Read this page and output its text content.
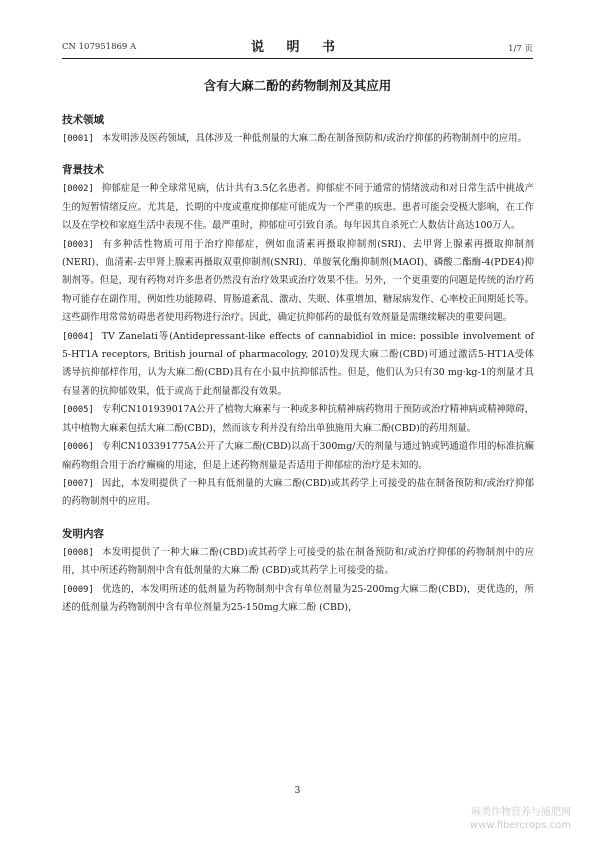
CN 107951869 A	说 明 书	1/7 页
含有大麻二酚的药物制剂及其应用
技术领域

[0001] 本发明涉及医药领域，具体涉及一种低剂量的大麻二酚在制备预防和/或治疗抑郁的药物制剂中的应用。

背景技术

[0002] 抑郁症是一种全球常见病，估计共有3.5亿名患者。抑郁症不同于通常的情绪波动和对日常生活中挑战产生的短暂情绪反应。尤其是，长期的中度或重度抑郁症可能成为一个严重的疾患。患者可能会受极大影响，在工作以及在学校和家庭生活中表现不佳。最严重时，抑郁症可引致自杀。每年因其自杀死亡人数估计高达100万人。

[0003] 有多种活性物质可用于治疗抑郁症，例如血清素再摄取抑制剂(SRI)、去甲肾上腺素再摄取抑制剂(NERI)、血清素-去甲肾上腺素再摄取双重抑制剂(SNRI)、单胺氧化酶抑制剂(MAOI)、磷酸二酯酶-4(PDE4)抑制剂等。但是，现有药物对许多患者仍然没有治疗效果或治疗效果不佳。另外，一个更重要的问题是传统的治疗药物可能存在副作用，例如性功能障碍、胃肠道紊乱、激动、失眠、体重增加、糖尿病发作、心率校正间期延长等。这些副作用常常妨碍患者使用药物进行治疗。因此，确定抗抑郁药的最低有效剂量是需继续解决的重要问题。

[0004] TV Zanelati等(Antidepressant-like effects of cannabidiol in mice: possible involvement of 5-HT1A receptors, British journal of pharmacology, 2010)发现大麻二酚(CBD)可通过激活5-HT1A受体 诱导抗抑郁样作用，认为大麻二酚(CBD)具有在小鼠中抗抑郁活性。但是，他们认为只有30 mg·kg-1的剂量才具有显著的抗抑郁效果，低于或高于此剂量都没有效果。

[0005] 专利CN101939017A公开了植物大麻素与一种或多种抗精神病药物用于预防或治疗精神病或精神障碍，其中植物大麻素包括大麻二酚(CBD)，然而该专利并没有给出单独施用大麻二酚(CBD)的药用剂量。

[0006] 专利CN103391775A公开了大麻二酚(CBD)以高于300mg/天的剂量与通过钠或钙通道作用的标准抗癫痫药物组合用于治疗癫痫的用途，但是上述药物剂量是否适用于抑郁症的治疗是未知的。

[0007] 因此，本发明提供了一种具有低剂量的大麻二酚(CBD)或其药学上可接受的盐在制备预防和/或治疗抑郁的药物制剂中的应用。

发明内容

[0008] 本发明提供了一种大麻二酚(CBD)或其药学上可接受的盐在制备预防和/或治疗抑郁的药物制剂中的应用，其中所述药物制剂中含有低剂量的大麻二酚 (CBD)或其药学上可接受的盐。

[0009] 优选的，本发明所述的低剂量为药物制剂中含有单位剂量为25-200mg大麻二酚(CBD)，更优选的，所述的低剂量为药物制剂中含有单位剂量为25-150mg大麻二酚 (CBD)，

3
麻类作物营养与施肥网
www.fibercrops.com
